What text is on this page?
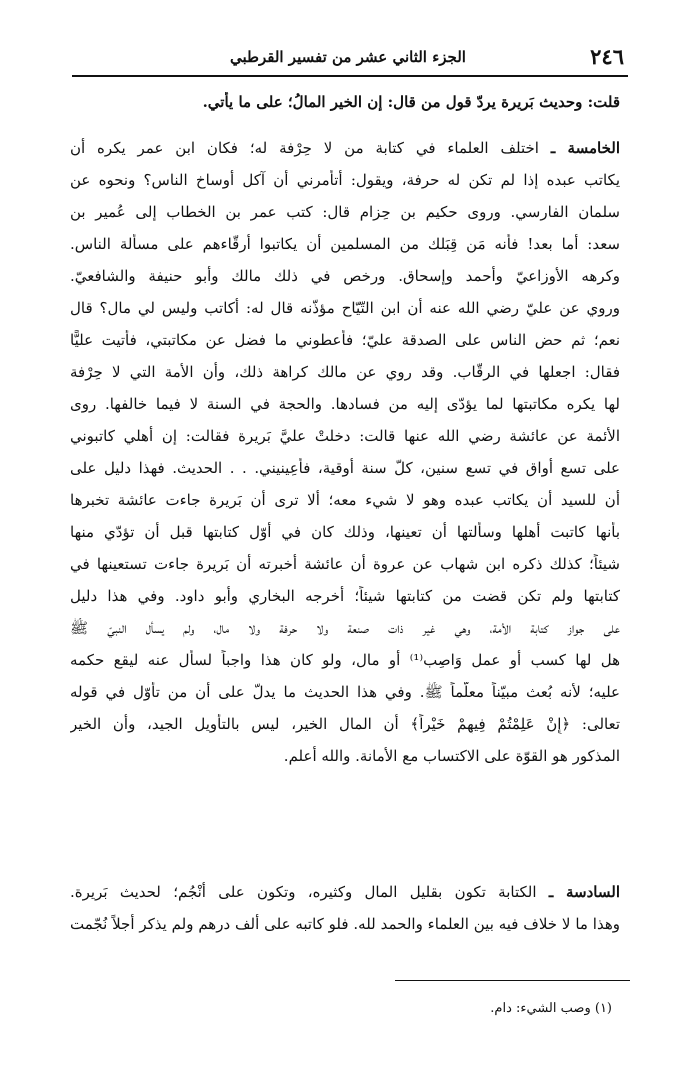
٢٤٦
الجزء الثاني عشر من تفسير القرطبي
قلت: وحديث بَريرة يردّ قول من قال: إن الخير المالُ؛ على ما يأتي.
الخامسة ـ اختلف العلماء في كتابة من لا حِرْفة له؛ فكان ابن عمر يكره أن
يكاتب عبده إذا لم تكن له حرفة، ويقول: أتأمرني أن آكل أوساخ الناس؟ ونحوه عن
سلمان الفارسي. وروى حكيم بن حِزام قال: كتب عمر بن الخطاب إلى عُمير بن
سعد: أما بعد! فأنه مَن قِبَلك من المسلمين أن يكاتبوا أرقّاءهم على مسألة الناس.
وكرهه الأوزاعيّ وأحمد وإسحاق. ورخص في ذلك مالك وأبو حنيفة والشافعيّ.
وروي عن عليّ رضي الله عنه أن ابن التّيّاح مؤذّنه قال له: أكاتب وليس لي مال؟ قال
نعم؛ ثم حض الناس على الصدقة عليّ؛ فأعطوني ما فضل عن مكاتبتي، فأتيت عليًّا
فقال: اجعلها في الرقّاب. وقد روي عن مالك كراهة ذلك، وأن الأمة التي لا حِرْفة
لها يكره مكاتبتها لما يؤدّى إليه من فسادها. والحجة في السنة لا فيما خالفها. روى
الأئمة عن عائشة رضي الله عنها قالت: دخلتْ عليَّ بَريرة فقالت: إن أهلي كاتبوني
على تسع أواق في تسع سنين، كلّ سنة أوقية، فأعِينيني. . . الحديث. فهذا دليل على
أن للسيد أن يكاتب عبده وهو لا شيء معه؛ ألا ترى أن بَريرة جاءت عائشة تخبرها
بأنها كاتبت أهلها وسألتها أن تعينها، وذلك كان في أوّل كتابتها قبل أن تؤدّي منها
شيئاً؛ كذلك ذكره ابن شهاب عن عروة أن عائشة أخبرته أن بَريرة جاءت تستعينها في
كتابتها ولم تكن قضت من كتابتها شيئاً؛ أخرجه البخاري وأبو داود. وفي هذا دليل
على جواز كتابة الأمة، وهي غير ذات صنعة ولا حرفة ولا مال، ولم يسأل النبيّ ﷺ
هل لها كسب أو عمل وَاصِب⁽¹⁾ أو مال، ولو كان هذا واجباً لسأل عنه ليقع حكمه
عليه؛ لأنه بُعث مبيّناً معلّماً ﷺ. وفي هذا الحديث ما يدلّ على أن من تأوّل في قوله
تعالى: ﴿إِنْ عَلِمْتُمْ فِيهِمْ خَيْراً﴾ أن المال الخير، ليس بالتأويل الجيد، وأن الخير
المذكور هو القوّة على الاكتساب مع الأمانة. والله أعلم.
السادسة ـ الكتابة تكون بقليل المال وكثيره، وتكون على أنْجُم؛ لحديث بَريرة.
وهذا ما لا خلاف فيه بين العلماء والحمد لله. فلو كاتبه على ألف درهم ولم يذكر أجلاً نُجّمت
(١) وصب الشيء: دام.
